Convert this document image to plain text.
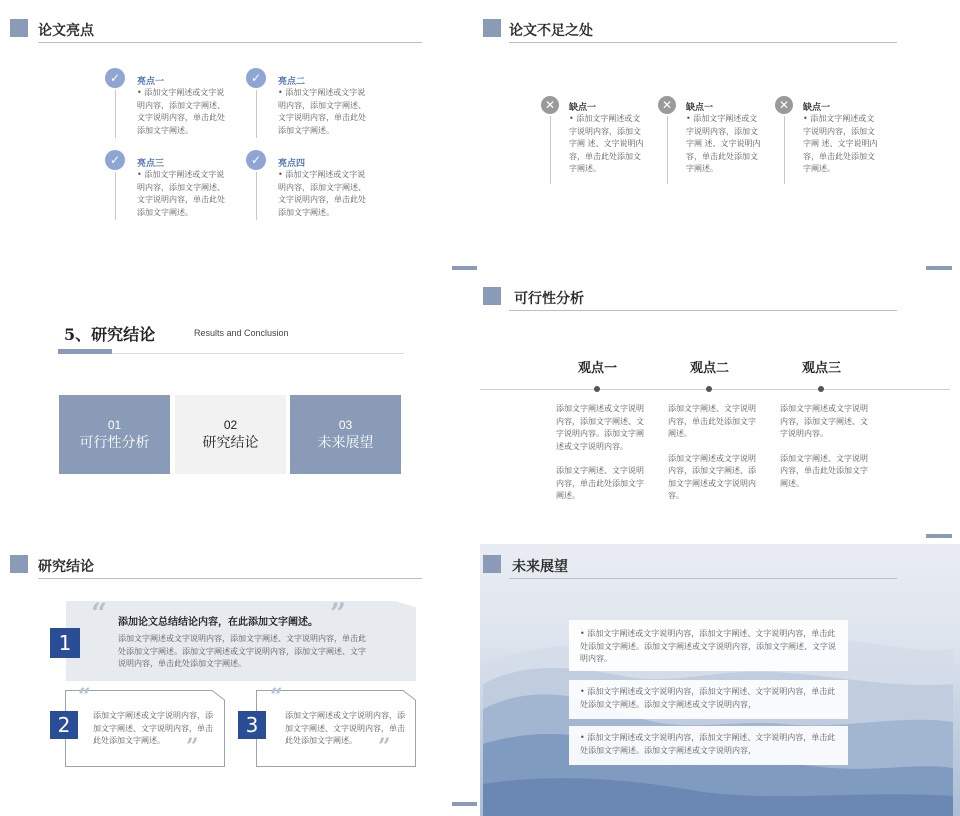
论文亮点
✓	亮点一
• 添加文字阐述或文字说明内容，添加文字阐述、文字说明内容，单击此处添加文字阐述。
✓	亮点二
• 添加文字阐述或文字说明内容，添加文字阐述、文字说明内容，单击此处添加文字阐述。
✓	亮点三
• 添加文字阐述或文字说明内容，添加文字阐述、文字说明内容，单击此处添加文字阐述。
✓	亮点四
• 添加文字阐述或文字说明内容，添加文字阐述、文字说明内容，单击此处添加文字阐述。
论文不足之处
✕	缺点一
• 添加文字阐述或文字说明内容，添加文字阐 述、文字说明内容，单击此处添加文字阐述。
✕	缺点一
• 添加文字阐述或文字说明内容，添加文字阐 述、文字说明内容，单击此处添加文字阐述。
✕	缺点一
• 添加文字阐述或文字说明内容，添加文字阐 述、文字说明内容，单击此处添加文字阐述。
5、研究结论	Results and Conclusion
01
可行性分析
02
研究结论
03
未来展望
可行性分析
观点一
添加文字阐述或文字说明内容，添加文字阐述、文字说明内容。添加文字阐述或文字说明内容。
添加文字阐述、文字说明内容，单击此处添加文字阐述。
观点二
添加文字阐述、文字说明内容，单击此处添加文字阐述。
添加文字阐述或文字说明内容，添加文字阐述、添加文字阐述或文字说明内容。
观点三
添加文字阐述或文字说明内容，添加文字阐述、文字说明内容。
添加文字阐述、文字说明内容，单击此处添加文字阐述。
研究结论
“	”
1
添加论文总结结论内容，在此添加文字阐述。
添加文字阐述或文字说明内容，添加文字阐述、文字说明内容，单击此处添加文字阐述。添加文字阐述或文字说明内容，添加文字阐述、文字说明内容，单击此处添加文字阐述。
“
”
2	添加文字阐述或文字说明内容，添加文字阐述、文字说明内容，单击此处添加文字阐述。
“
”
3	添加文字阐述或文字说明内容，添加文字阐述、文字说明内容，单击此处添加文字阐述。
未来展望
• 添加文字阐述或文字说明内容，添加文字阐述、文字说明内容，单击此处添加文字阐述。添加文字阐述或文字说明内容，添加文字阐述、文字说明内容。
• 添加文字阐述或文字说明内容，添加文字阐述、文字说明内容，单击此处添加文字阐述。添加文字阐述或文字说明内容，
• 添加文字阐述或文字说明内容，添加文字阐述、文字说明内容，单击此处添加文字阐述。添加文字阐述或文字说明内容，
